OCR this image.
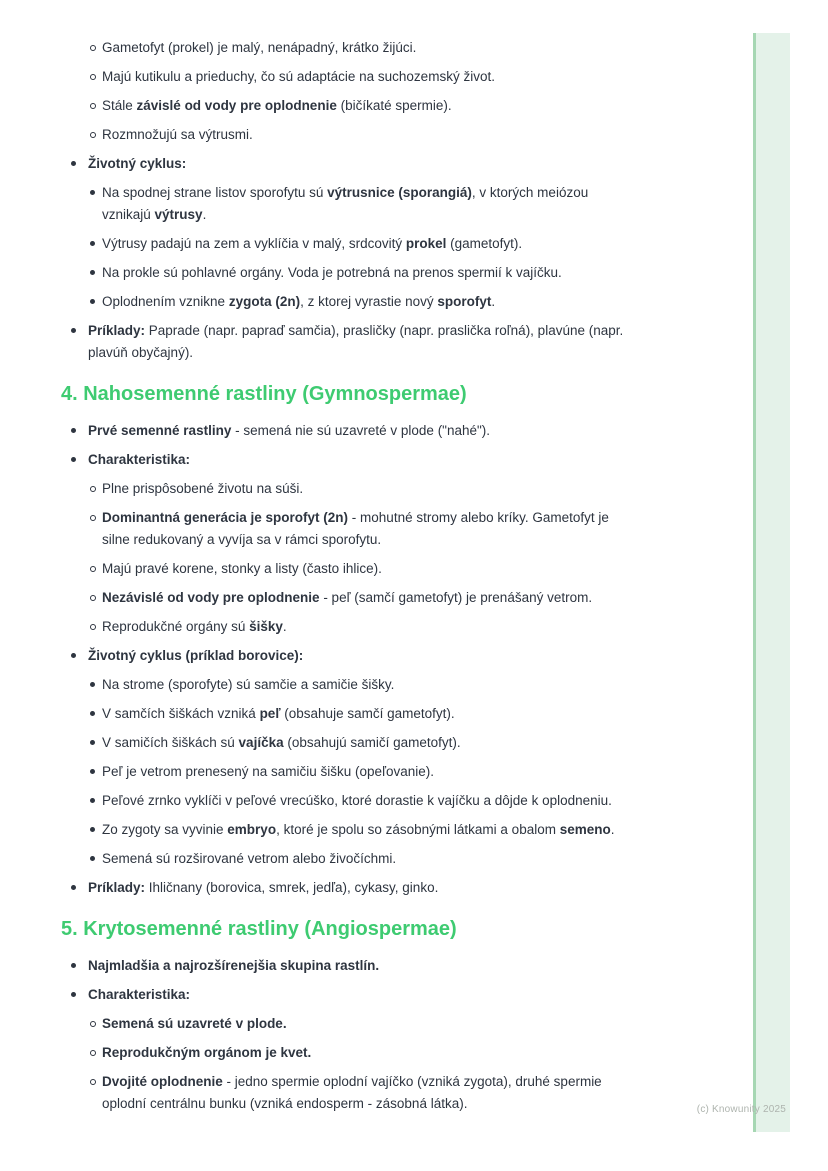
Gametofyt (prokel) je malý, nenápadný, krátko žijúci.
Majú kutikulu a prieduchy, čo sú adaptácie na suchozemský život.
Stále závislé od vody pre oplodnenie (bičíkaté spermie).
Rozmnožujú sa výtrusmi.
Životný cyklus:
Na spodnej strane listov sporofytu sú výtrusnice (sporangiá), v ktorých meiózou
vznikajú výtrusy.
Výtrusy padajú na zem a vyklíčia v malý, srdcovitý prokel (gametofyt).
Na prokle sú pohlavné orgány. Voda je potrebná na prenos spermií k vajíčku.
Oplodnením vznikne zygota (2n), z ktorej vyrastie nový sporofyt.
Príklady: Paprade (napr. papraď samčia), prasličky (napr. praslička roľná), plavúne (napr.
plavúň obyčajný).
4. Nahosemenné rastliny (Gymnospermae)
Prvé semenné rastliny - semená nie sú uzavreté v plode ("nahé").
Charakteristika:
Plne prispôsobené životu na súši.
Dominantná generácia je sporofyt (2n) - mohutné stromy alebo kríky. Gametofyt je
silne redukovaný a vyvíja sa v rámci sporofytu.
Majú pravé korene, stonky a listy (často ihlice).
Nezávislé od vody pre oplodnenie - peľ (samčí gametofyt) je prenášaný vetrom.
Reprodukčné orgány sú šišky.
Životný cyklus (príklad borovice):
Na strome (sporofyte) sú samčie a samičie šišky.
V samčích šiškách vzniká peľ (obsahuje samčí gametofyt).
V samičích šiškách sú vajíčka (obsahujú samičí gametofyt).
Peľ je vetrom prenesený na samičiu šišku (opeľovanie).
Peľové zrnko vyklíči v peľové vrecúško, ktoré dorastie k vajíčku a dôjde k oplodneniu.
Zo zygoty sa vyvinie embryo, ktoré je spolu so zásobnými látkami a obalom semeno.
Semená sú rozširované vetrom alebo živočíchmi.
Príklady: Ihličnany (borovica, smrek, jedľa), cykasy, ginko.
5. Krytosemenné rastliny (Angiospermae)
Najmladšia a najrozšírenejšia skupina rastlín.
Charakteristika:
Semená sú uzavreté v plode.
Reprodukčným orgánom je kvet.
Dvojité oplodnenie - jedno spermie oplodní vajíčko (vzniká zygota), druhé spermie
oplodní centrálnu bunku (vzniká endosperm - zásobná látka).	(c) Knowunity 2025
